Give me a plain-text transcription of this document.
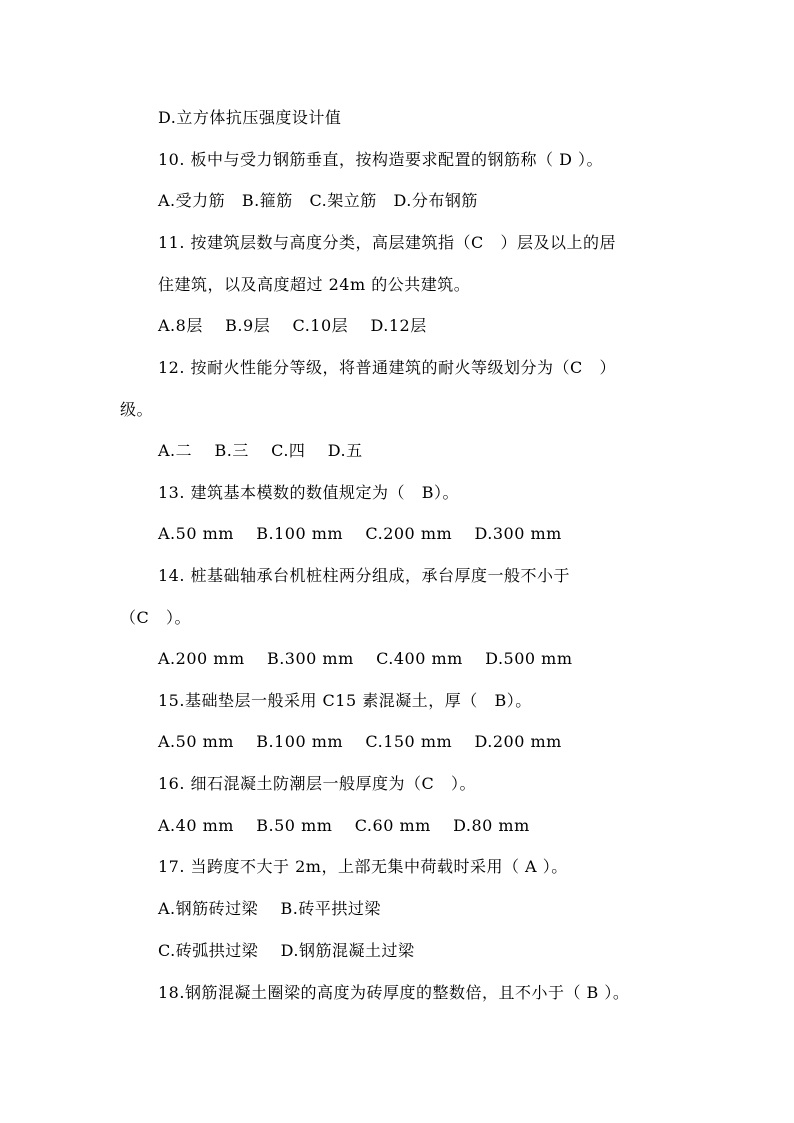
D.立方体抗压强度设计值
10. 板中与受力钢筋垂直，按构造要求配置的钢筋称（ D ）。
A.受力筋   B.箍筋   C.架立筋   D.分布钢筋
11. 按建筑层数与高度分类，高层建筑指（C   ）层及以上的居
住建筑，以及高度超过 24m 的公共建筑。
A.8层    B.9层    C.10层    D.12层
12. 按耐火性能分等级，将普通建筑的耐火等级划分为（C   ）
级。
A.二    B.三    C.四    D.五
13. 建筑基本模数的数值规定为（   B）。
A.50 mm    B.100 mm    C.200 mm    D.300 mm
14. 桩基础轴承台机桩柱两分组成，承台厚度一般不小于
（C   ）。
A.200 mm    B.300 mm    C.400 mm    D.500 mm
15.基础垫层一般采用 C15 素混凝土，厚（   B）。
A.50 mm    B.100 mm    C.150 mm    D.200 mm
16. 细石混凝土防潮层一般厚度为（C   ）。
A.40 mm    B.50 mm    C.60 mm    D.80 mm
17. 当跨度不大于 2m，上部无集中荷载时采用（ A ）。
A.钢筋砖过梁    B.砖平拱过梁
C.砖弧拱过梁    D.钢筋混凝土过梁
18.钢筋混凝土圈梁的高度为砖厚度的整数倍，且不小于（ B ）。
